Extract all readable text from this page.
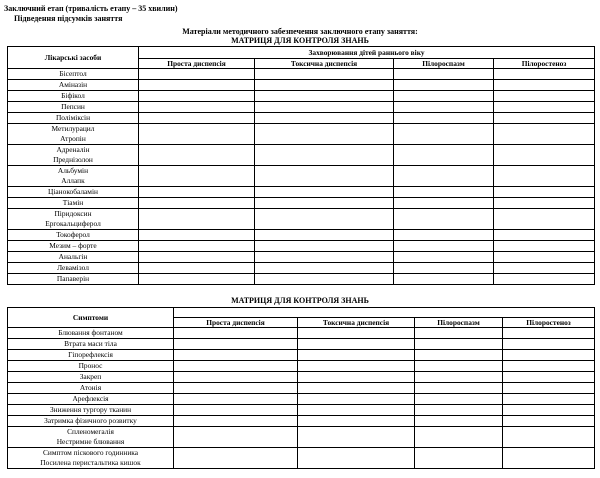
Заключний етап (тривалість етапу – 35 хвилин)
Підведення підсумків заняття
Матеріали методичного забезпечення заключного етапу заняття:
МАТРИЦЯ ДЛЯ КОНТРОЛЯ ЗНАНЬ
Лікарські засоби	Захворювання дітей раннього віку			
	Проста диспепсія	Токсична диспепсія	Пілороспазм	Пілоростеноз

Бісептол				

Аміназін				

Біфікол				

Пепсин				

Поліміксін				

Метилурацил
Атропін				

Адреналін
Преднізолон				

Альбумін
Аллапк				

Ціанокобаламін				

Тіамін				

Піридоксин
Ергокальциферол				

Токоферол				

Мезим – форте				

Анальгін				

Левамізол				

Папаверін				

МАТРИЦЯ ДЛЯ КОНТРОЛЯ ЗНАНЬ
Симптоми				
	Проста диспепсія	Токсична диспепсія	Пілороспазм	Пілоростеноз

Блювання фонтаном				

Втрата маси тіла				

Гіпорефлексія				

Пронос				

Закреп				

Атонія				

Арефлексія				

Зниження тургору тканин				

Затримка фізичного розвитку				

Спленомегалія
Нестримне блювання				

Симптом піскового годинника
Посилена перистальтика кишок				
